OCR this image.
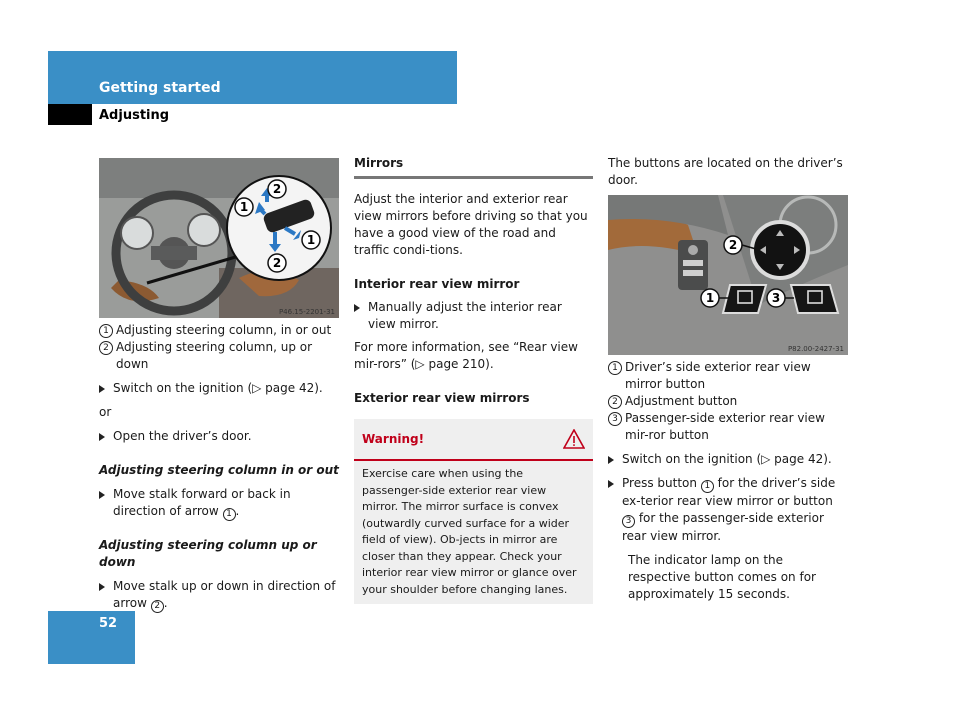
Getting started
Adjusting
2
1
1
2
P46.15-2201-31

1 Adjusting steering column, in or out

2 Adjusting steering column, up or down

Switch on the ignition (▷ page 42).

or

Open the driver’s door.

Adjusting steering column in or out

Move stalk forward or back in direction of arrow 1 .

Adjusting steering column up or down

Move stalk up or down in direction of arrow 2 .

Mirrors

Adjust the interior and exterior rear view mirrors before driving so that you have a good view of the road and traffic condi-tions.

Interior rear view mirror

Manually adjust the interior rear view mirror.

For more information, see “Rear view mir-rors” (▷ page 210).

Exterior rear view mirrors

Warning!
Exercise care when using the passenger-side exterior rear view mirror. The mirror surface is convex (outwardly curved surface for a wider field of view). Ob-jects in mirror are closer than they appear. Check your interior rear view mirror or glance over your shoulder before changing lanes.

The buttons are located on the driver’s door.

2
1	3
P82.00-2427-31

1 Driver’s side exterior rear view mirror button

2 Adjustment button

3 Passenger-side exterior rear view mir-ror button

Switch on the ignition (▷ page 42).

Press button 1 for the driver’s side ex-terior rear view mirror or button 3 for the passenger-side exterior rear view mirror.

The indicator lamp on the respective button comes on for approximately 15 seconds.

52
